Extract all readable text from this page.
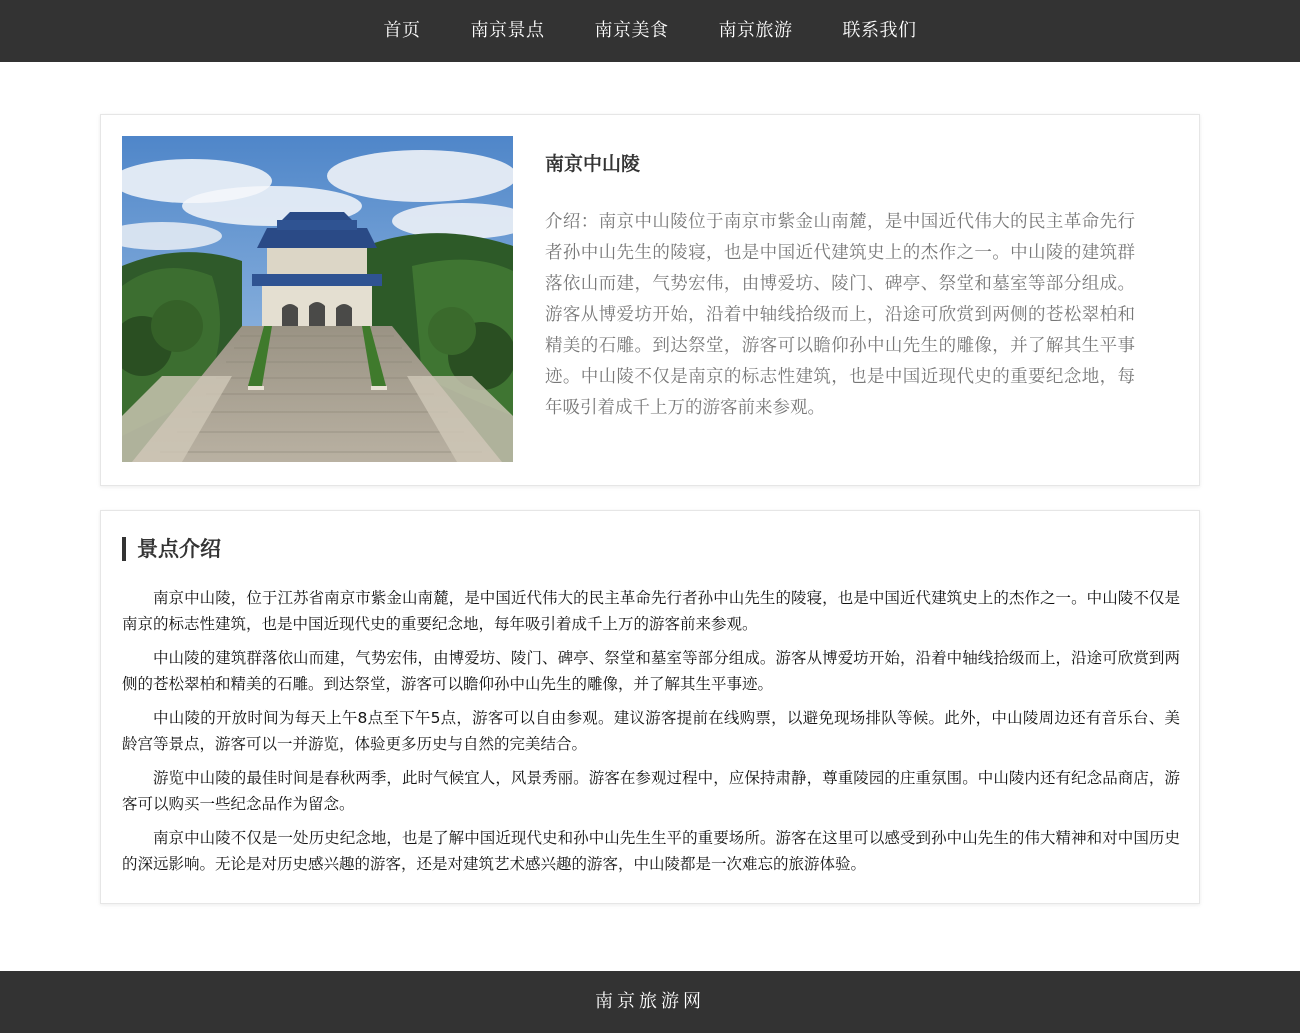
首页	南京景点	南京美食	南京旅游	联系我们
南京中山陵

介绍：南京中山陵位于南京市紫金山南麓，是中国近代伟大的民主革命先行者孙中山先生的陵寝，也是中国近代建筑史上的杰作之一。中山陵的建筑群落依山而建，气势宏伟，由博爱坊、陵门、碑亭、祭堂和墓室等部分组成。游客从博爱坊开始，沿着中轴线拾级而上，沿途可欣赏到两侧的苍松翠柏和精美的石雕。到达祭堂，游客可以瞻仰孙中山先生的雕像，并了解其生平事迹。中山陵不仅是南京的标志性建筑，也是中国近现代史的重要纪念地，每年吸引着成千上万的游客前来参观。

景点介绍

南京中山陵，位于江苏省南京市紫金山南麓，是中国近代伟大的民主革命先行者孙中山先生的陵寝，也是中国近代建筑史上的杰作之一。中山陵不仅是南京的标志性建筑，也是中国近现代史的重要纪念地，每年吸引着成千上万的游客前来参观。

中山陵的建筑群落依山而建，气势宏伟，由博爱坊、陵门、碑亭、祭堂和墓室等部分组成。游客从博爱坊开始，沿着中轴线拾级而上，沿途可欣赏到两侧的苍松翠柏和精美的石雕。到达祭堂，游客可以瞻仰孙中山先生的雕像，并了解其生平事迹。

中山陵的开放时间为每天上午8点至下午5点，游客可以自由参观。建议游客提前在线购票，以避免现场排队等候。此外，中山陵周边还有音乐台、美龄宫等景点，游客可以一并游览，体验更多历史与自然的完美结合。

游览中山陵的最佳时间是春秋两季，此时气候宜人，风景秀丽。游客在参观过程中，应保持肃静，尊重陵园的庄重氛围。中山陵内还有纪念品商店，游客可以购买一些纪念品作为留念。

南京中山陵不仅是一处历史纪念地，也是了解中国近现代史和孙中山先生生平的重要场所。游客在这里可以感受到孙中山先生的伟大精神和对中国历史的深远影响。无论是对历史感兴趣的游客，还是对建筑艺术感兴趣的游客，中山陵都是一次难忘的旅游体验。

南京旅游网
